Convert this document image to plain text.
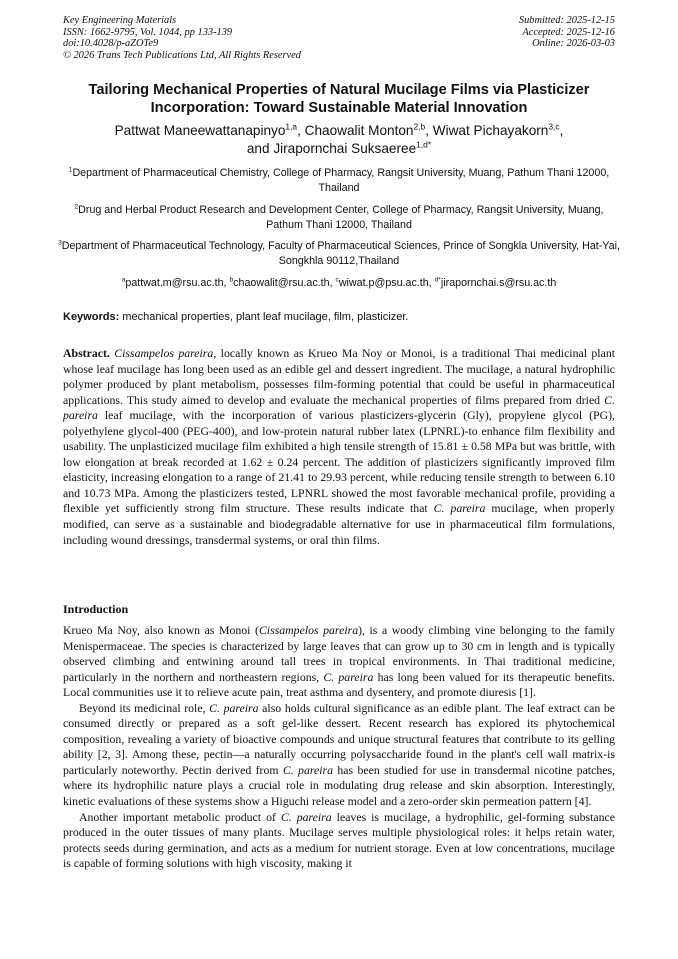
Key Engineering Materials
ISSN: 1662-9795, Vol. 1044, pp 133-139
doi:10.4028/p-aZOTe9
© 2026 Trans Tech Publications Ltd, All Rights Reserved
Submitted: 2025-12-15
Accepted: 2025-12-16
Online: 2026-03-03
Tailoring Mechanical Properties of Natural Mucilage Films via Plasticizer Incorporation: Toward Sustainable Material Innovation
Pattwat Maneewattanapinyo$^{1,a}$, Chaowalit Monton$^{2,b}$, Wiwat Pichayakorn$^{3,c}$,
and Jirapornchai Suksaeree$^{1,d*}$
$^1$Department of Pharmaceutical Chemistry, College of Pharmacy, Rangsit University, Muang, Pathum Thani 12000, Thailand
$^2$Drug and Herbal Product Research and Development Center, College of Pharmacy, Rangsit University, Muang, Pathum Thani 12000, Thailand
$^3$Department of Pharmaceutical Technology, Faculty of Pharmaceutical Sciences, Prince of Songkla University, Hat-Yai, Songkhla 90112,Thailand
$^a$pattwat.m@rsu.ac.th, $^b$chaowalit@rsu.ac.th, $^c$wiwat.p@psu.ac.th, $^{d*}$jirapornchai.s@rsu.ac.th
Keywords: mechanical properties, plant leaf mucilage, film, plasticizer.
Abstract. Cissampelos pareira, locally known as Krueo Ma Noy or Monoi, is a traditional Thai medicinal plant whose leaf mucilage has long been used as an edible gel and dessert ingredient. The mucilage, a natural hydrophilic polymer produced by plant metabolism, possesses film-forming potential that could be useful in pharmaceutical applications. This study aimed to develop and evaluate the mechanical properties of films prepared from dried C. pareira leaf mucilage, with the incorporation of various plasticizers-glycerin (Gly), propylene glycol (PG), polyethylene glycol-400 (PEG-400), and low-protein natural rubber latex (LPNRL)-to enhance film flexibility and usability. The unplasticized mucilage film exhibited a high tensile strength of 15.81 ± 0.58 MPa but was brittle, with low elongation at break recorded at 1.62 ± 0.24 percent. The addition of plasticizers significantly improved film elasticity, increasing elongation to a range of 21.41 to 29.93 percent, while reducing tensile strength to between 6.10 and 10.73 MPa. Among the plasticizers tested, LPNRL showed the most favorable mechanical profile, providing a flexible yet sufficiently strong film structure. These results indicate that C. pareira mucilage, when properly modified, can serve as a sustainable and biodegradable alternative for use in pharmaceutical film formulations, including wound dressings, transdermal systems, or oral thin films.
Introduction

Krueo Ma Noy, also known as Monoi (Cissampelos pareira), is a woody climbing vine belonging to the family Menispermaceae. The species is characterized by large leaves that can grow up to 30 cm in length and is typically observed climbing and entwining around tall trees in tropical environments. In Thai traditional medicine, particularly in the northern and northeastern regions, C. pareira has long been valued for its therapeutic benefits. Local communities use it to relieve acute pain, treat asthma and dysentery, and promote diuresis [1].

Beyond its medicinal role, C. pareira also holds cultural significance as an edible plant. The leaf extract can be consumed directly or prepared as a soft gel-like dessert. Recent research has explored its phytochemical composition, revealing a variety of bioactive compounds and unique structural features that contribute to its gelling ability [2, 3]. Among these, pectin—a naturally occurring polysaccharide found in the plant's cell wall matrix-is particularly noteworthy. Pectin derived from C. pareira has been studied for use in transdermal nicotine patches, where its hydrophilic nature plays a crucial role in modulating drug release and skin absorption. Interestingly, kinetic evaluations of these systems show a Higuchi release model and a zero-order skin permeation pattern [4].

Another important metabolic product of C. pareira leaves is mucilage, a hydrophilic, gel-forming substance produced in the outer tissues of many plants. Mucilage serves multiple physiological roles: it helps retain water, protects seeds during germination, and acts as a medium for nutrient storage. Even at low concentrations, mucilage is capable of forming solutions with high viscosity, making it
